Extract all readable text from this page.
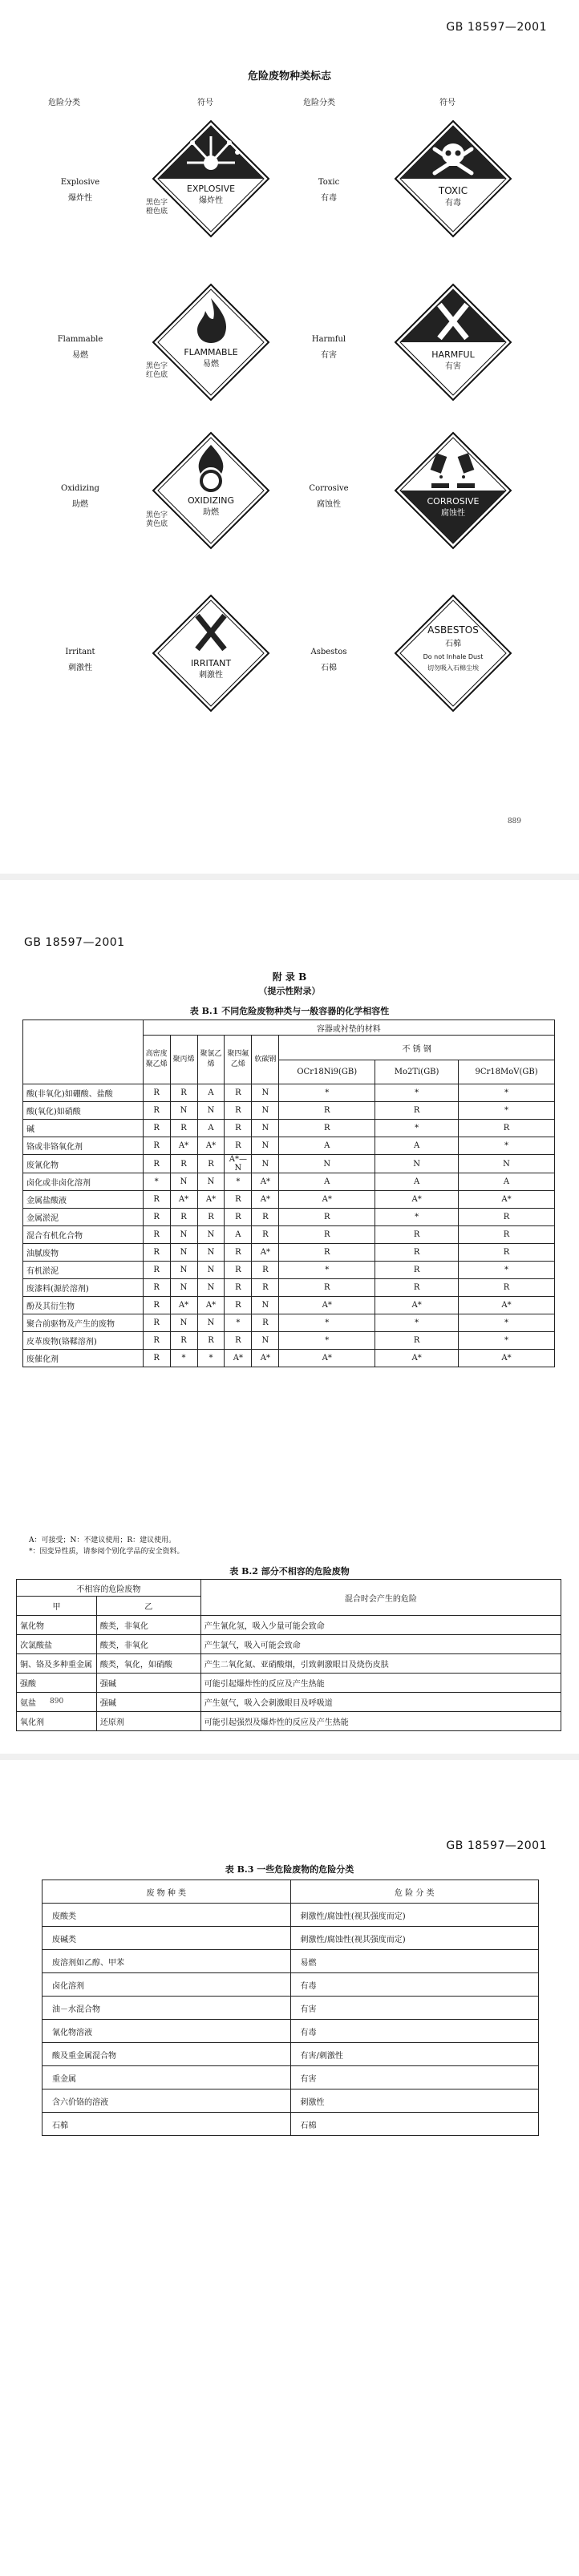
GB 18597—2001
危险废物种类标志
危险分类	符号	危险分类	符号
Explosive
爆炸性
EXPLOSIVE
爆炸性
黑色字
橙色底
Toxic
有毒
TOXIC
有毒
Flammable
易燃	FLAMMABLE
易燃
黑色字
红色底
Harmful
有害	HARMFUL
有害
Oxidizing
助燃	OXIDIZING
助燃
黑色字
黄色底
Corrosive
腐蚀性	CORROSIVE
腐蚀性
Irritant
刺激性	IRRITANT
刺激性
Asbestos
石棉
ASBESTOS
石棉
Do not Inhale Dust
切勿吸入石棉尘埃
889
GB 18597—2001
附 录 B
（提示性附录）
表 B.1 不同危险废物种类与一般容器的化学相容性
	容器或衬垫的材料							
	高密度聚乙烯	聚丙烯	聚氯乙烯	聚四氟乙烯	软碳钢	不 锈 钢		
						OCr18Ni9(GB)	Mo2Ti(GB)	9Cr18MoV(GB)
酸(非氧化)如硼酸、盐酸	R	R	A	R	N	*	*	*
酸(氧化)如硝酸	R	N	N	R	N	R	R	*
碱	R	R	A	R	N	R	*	R
铬或非铬氧化剂	R	A*	A*	R	N	A	A	*
废氰化物	R	R	R	A*—N	N	N	N	N
卤化或非卤化溶剂	*	N	N	*	A*	A	A	A
金属盐酸液	R	A*	A*	R	A*	A*	A*	A*
金属淤泥	R	R	R	R	R	R	*	R
混合有机化合物	R	N	N	A	R	R	R	R
油腻废物	R	N	N	R	A*	R	R	R
有机淤泥	R	N	N	R	R	*	R	*
废漆料(源於溶剂)	R	N	N	R	R	R	R	R
酚及其衍生物	R	A*	A*	R	N	A*	A*	A*
聚合前驱物及产生的废物	R	N	N	*	R	*	*	*
皮革废物(铬鞣溶剂)	R	R	R	R	N	*	R	*
废催化剂	R	*	*	A*	A*	A*	A*	A*
A：可接受；N：不建议使用；R：建议使用。
*：因变异性质，请参阅个别化学品的安全资料。
表 B.2 部分不相容的危险废物
不相容的危险废物		混合时会产生的危险
甲	乙	
氰化物	酸类，非氧化	产生氰化氢，吸入少量可能会致命
次氯酸盐	酸类，非氧化	产生氯气，吸入可能会致命
铜、铬及多种重金属	酸类，氧化，如硝酸	产生二氧化氮、亚硝酸烟，引致刺激眼目及烧伤皮肤
强酸	强碱	可能引起爆炸性的反应及产生热能
氨盐	强碱	产生氨气，吸入会刺激眼目及呼吸道
氧化剂	还原剂	可能引起强烈及爆炸性的反应及产生热能
890
GB 18597—2001
表 B.3 一些危险废物的危险分类
废 物 种 类	危 险 分 类
废酸类	刺激性/腐蚀性(视其强度而定)
废碱类	刺激性/腐蚀性(视其强度而定)
废溶剂如乙醇、甲苯	易燃
卤化溶剂	有毒
油－水混合物	有害
氰化物溶液	有毒
酸及重金属混合物	有害/刺激性
重金属	有害
含六价铬的溶液	刺激性
石棉	石棉
